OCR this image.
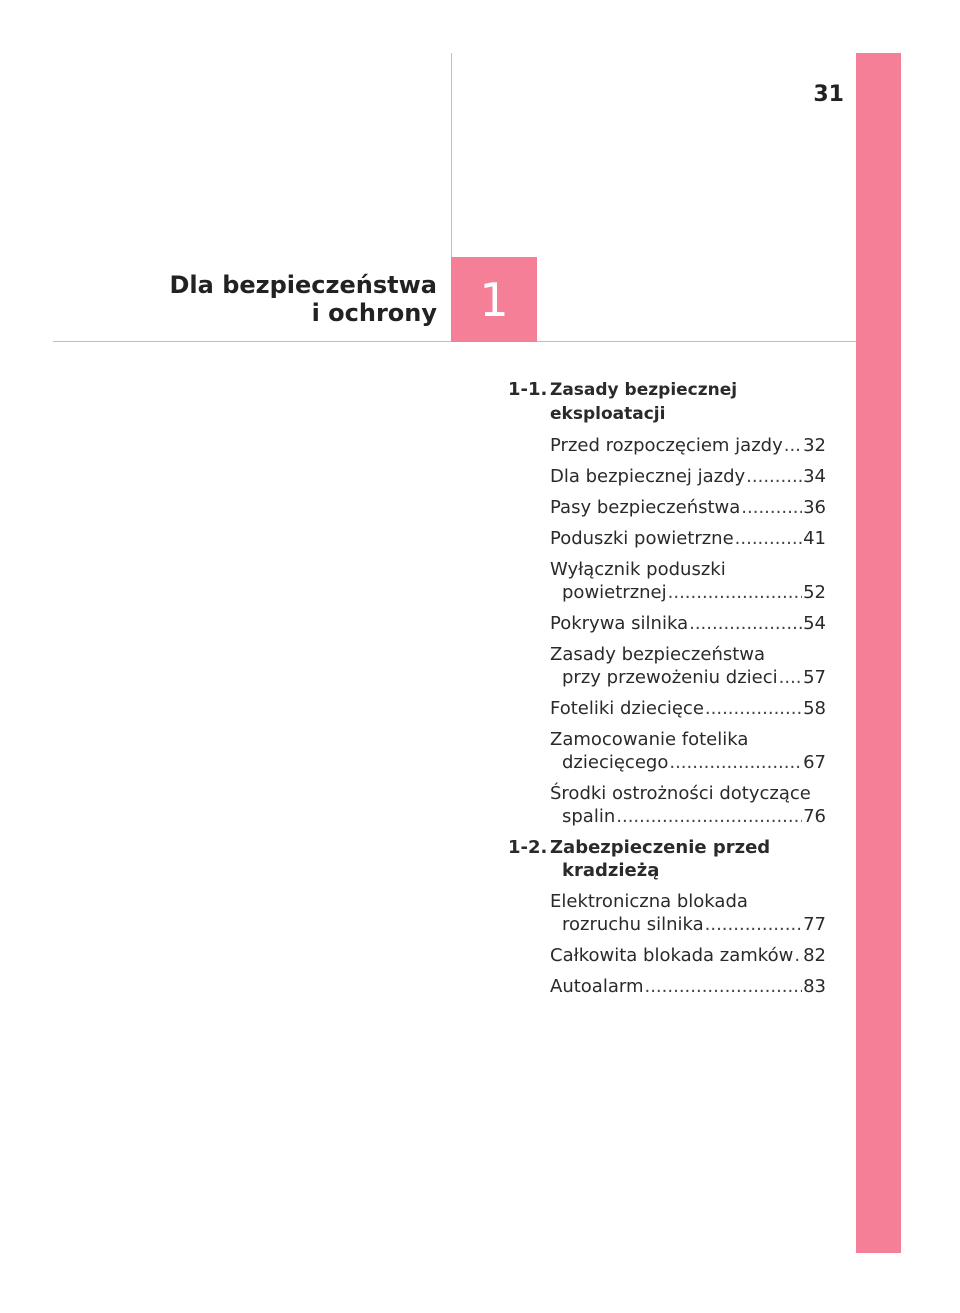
31
Dla bezpieczeństwa
i ochrony 1
1-1. Zasady bezpiecznej eksploatacji
Przed rozpoczęciem jazdy ..... 32
Dla bezpiecznej jazdy .....	34
Pasy bezpieczeństwa .....	36
Poduszki powietrzne .....	41
Wyłącznik poduszki
powietrznej .....	52
Pokrywa silnika .....	54
Zasady bezpieczeństwa
przy przewożeniu dzieci ..... 57
Foteliki dziecięce .....	58
Zamocowanie fotelika
dziecięcego .....	67
Środki ostrożności dotyczące
spalin .....	76
1-2. Zabezpieczenie przed
kradzieżą
Elektroniczna blokada
rozruchu silnika .....	77
Całkowita blokada zamków ..... 82
Autoalarm .....	83
